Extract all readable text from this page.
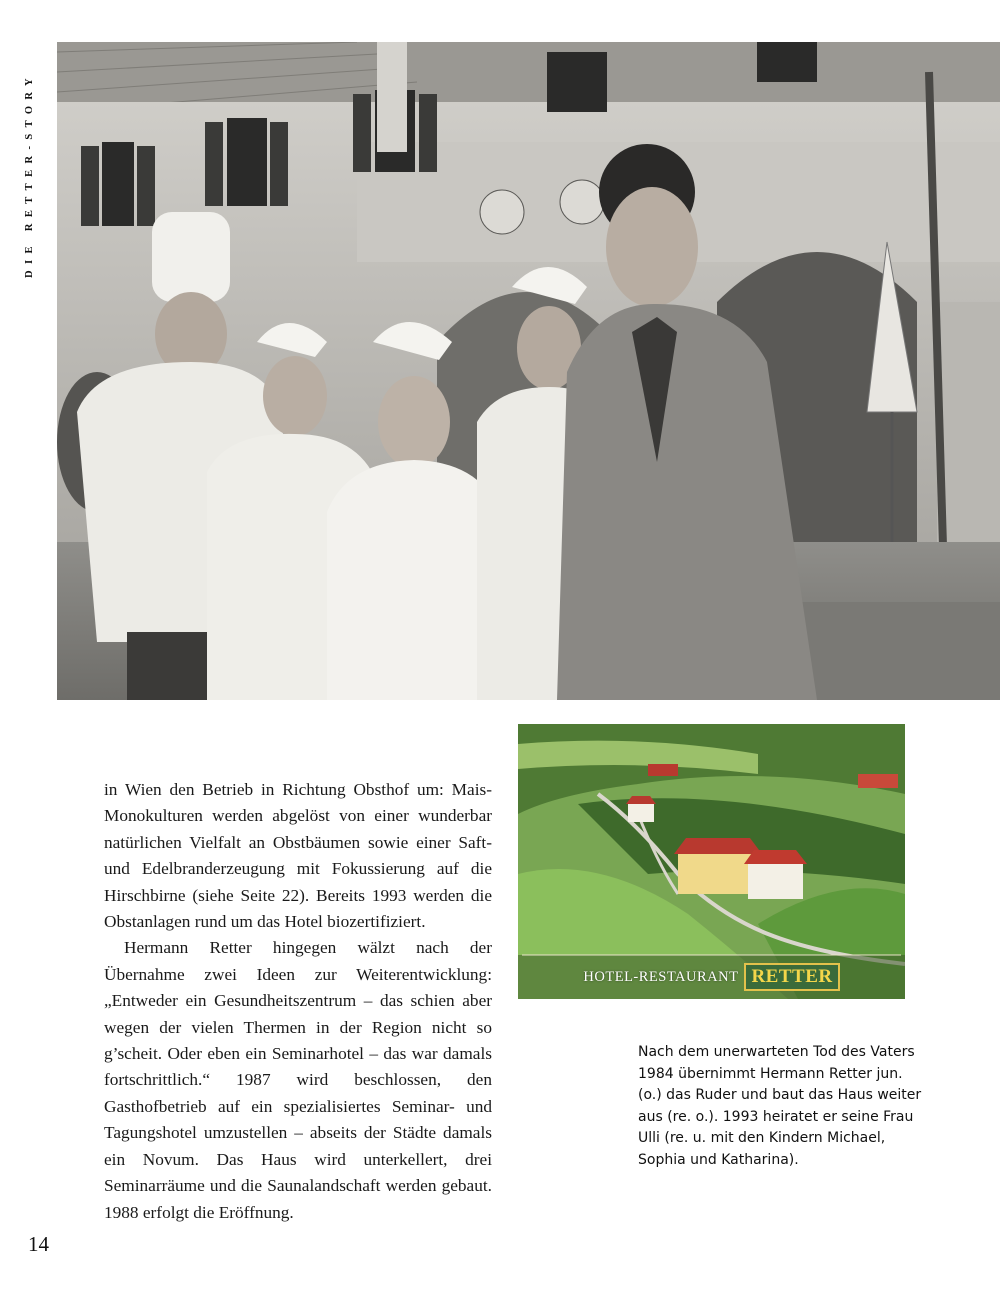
DIE RETTER-STORY
HOTEL-RESTAURANT RETTER

in Wien den Betrieb in Richtung Obsthof um: Mais-Monokulturen werden abgelöst von einer wunderbar natürlichen Vielfalt an Obstbäumen sowie einer Saft- und Edelbranderzeugung mit Fokussierung auf die Hirschbirne (siehe Seite 22). Bereits 1993 werden die Obstanlagen rund um das Hotel biozertifiziert.

Hermann Retter hingegen wälzt nach der Übernahme zwei Ideen zur Weiterentwicklung: „Entweder ein Gesundheitszentrum – das schien aber wegen der vielen Thermen in der Region nicht so g’scheit. Oder eben ein Seminarhotel – das war damals fortschrittlich.“ 1987 wird beschlossen, den Gasthofbetrieb auf ein spezialisiertes Seminar- und Tagungshotel umzustellen – abseits der Städte damals ein Novum. Das Haus wird unterkellert, drei Seminarräume und die Saunalandschaft werden gebaut. 1988 erfolgt die Eröffnung.

Nach dem unerwarteten Tod des Vaters 1984 übernimmt Hermann Retter jun. (o.) das Ruder und baut das Haus weiter aus (re. o.). 1993 heiratet er seine Frau Ulli (re. u. mit den Kindern Michael, Sophia und Katharina).
14
